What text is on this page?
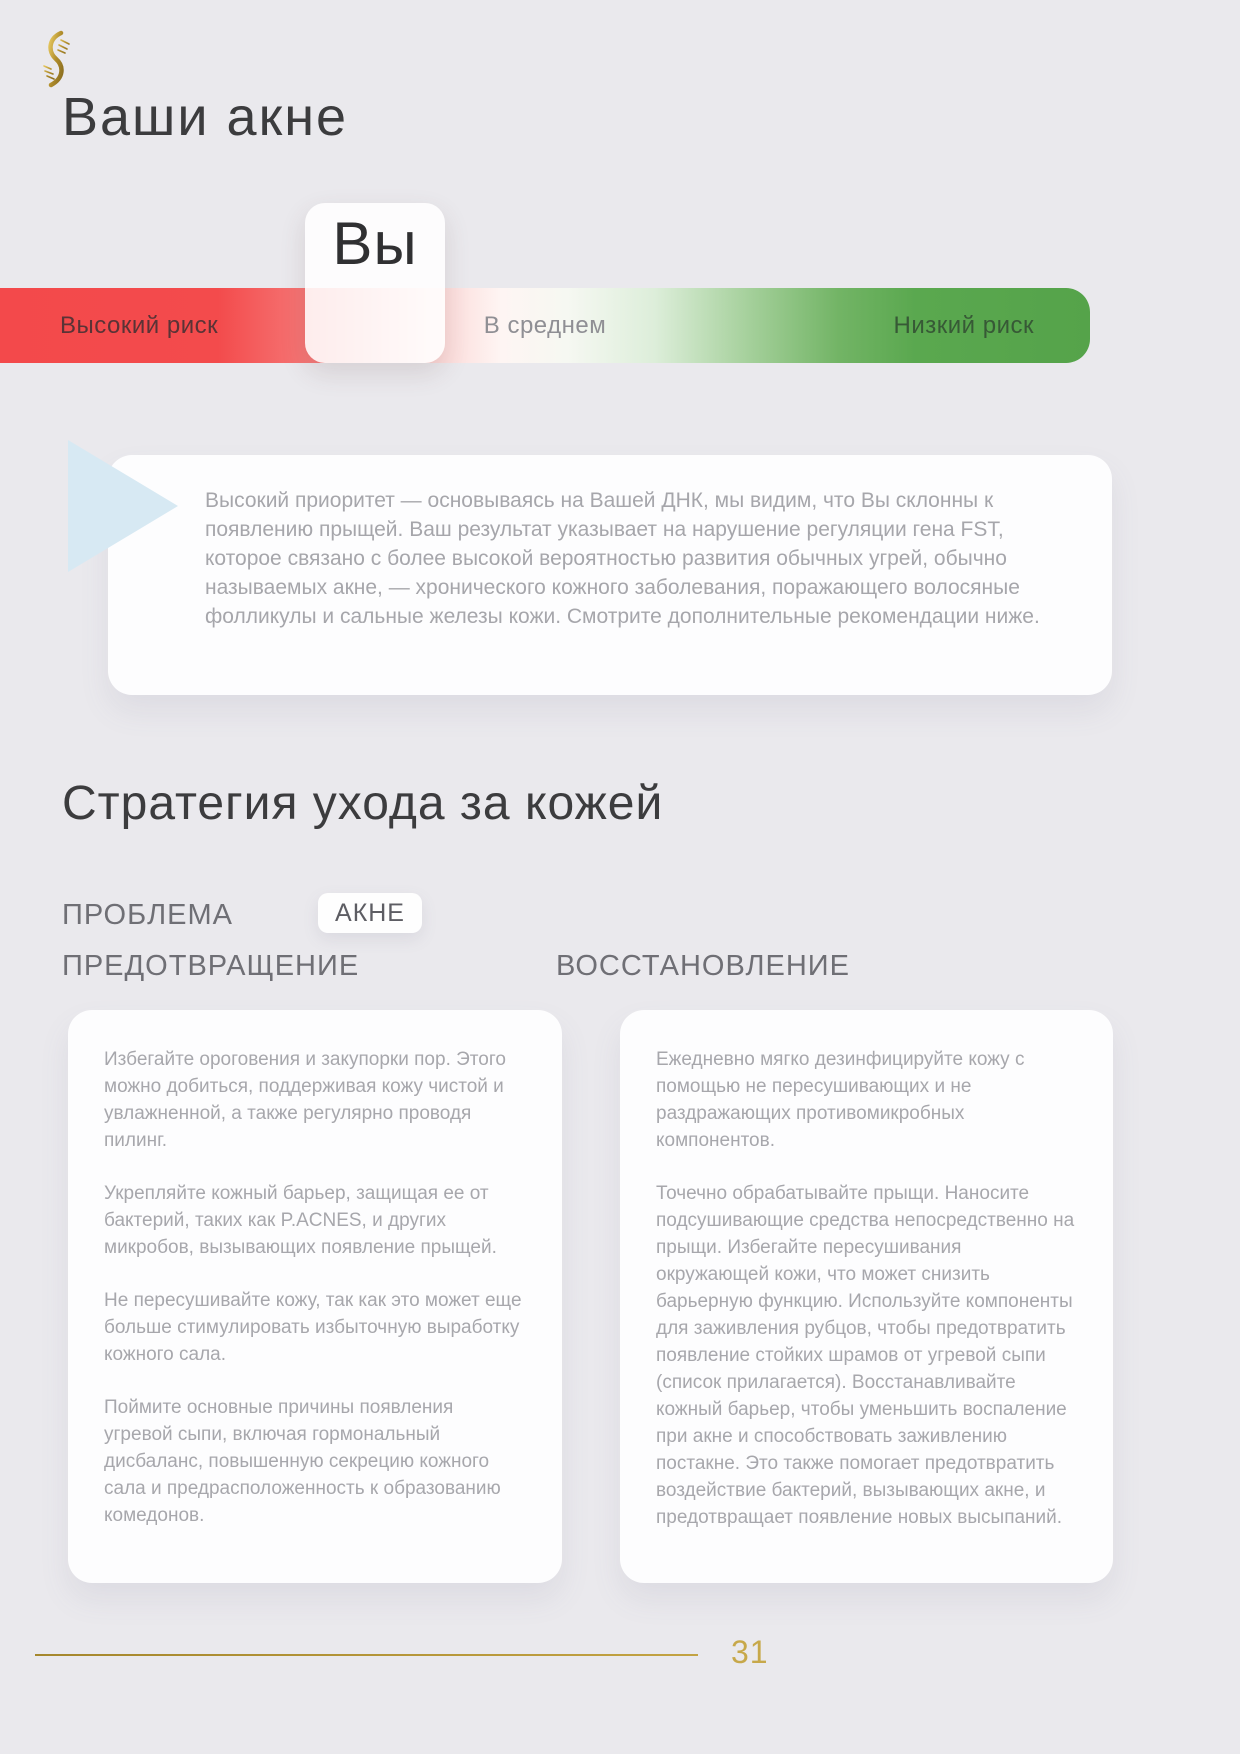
Ваши акне
Высокий риск	В среднем	Низкий риск
Вы
Высокий приоритет — основываясь на Вашей ДНК, мы видим, что Вы склонны к появлению прыщей. Ваш результат указывает на нарушение регуляции гена FST, которое связано с более высокой вероятностью развития обычных угрей, обычно называемых акне, — хронического кожного заболевания, поражающего волосяные фолликулы и сальные железы кожи. Смотрите дополнительные рекомендации ниже.
Стратегия ухода за кожей
ПРОБЛЕМА	АКНЕ
ПРЕДОТВРАЩЕНИЕ	ВОССТАНОВЛЕНИЕ

Избегайте ороговения и закупорки пор. Этого можно добиться, поддерживая кожу чистой и увлажненной, а также регулярно проводя пилинг.

Укрепляйте кожный барьер, защищая ее от бактерий, таких как P.ACNES, и других микробов, вызывающих появление прыщей.

Не пересушивайте кожу, так как это может еще больше стимулировать избыточную выработку кожного сала.

Поймите основные причины появления угревой сыпи, включая гормональный дисбаланс, повышенную секрецию кожного сала и предрасположенность к образованию комедонов.

Ежедневно мягко дезинфицируйте кожу с помощью не пересушивающих и не раздражающих противомикробных компонентов.

Точечно обрабатывайте прыщи. Наносите подсушивающие средства непосредственно на прыщи. Избегайте пересушивания окружающей кожи, что может снизить барьерную функцию. Используйте компоненты для заживления рубцов, чтобы предотвратить появление стойких шрамов от угревой сыпи (список прилагается). Восстанавливайте кожный барьер, чтобы уменьшить воспаление при акне и способствовать заживлению постакне. Это также помогает предотвратить воздействие бактерий, вызывающих акне, и предотвращает появление новых высыпаний.

31
